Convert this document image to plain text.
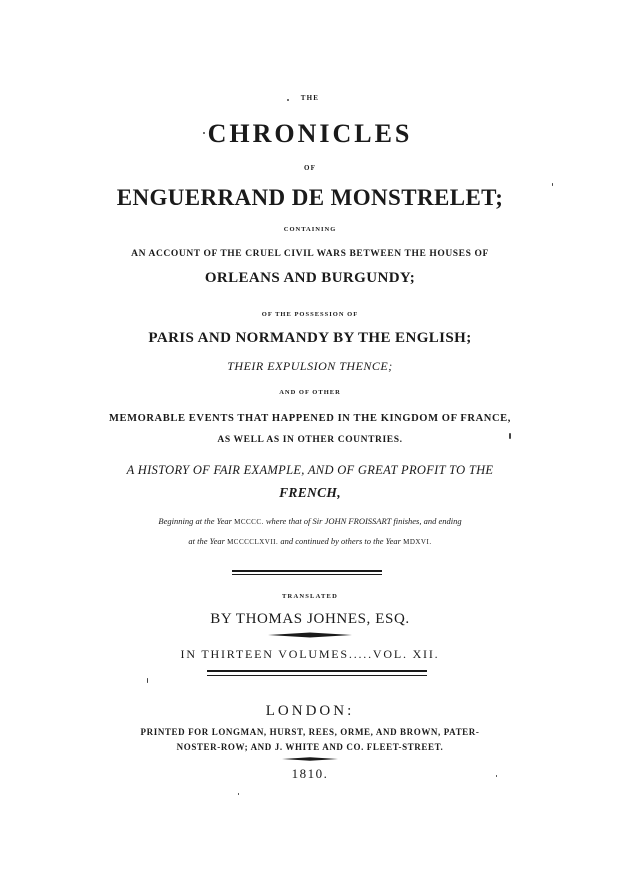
THE
CHRONICLES
OF
ENGUERRAND DE MONSTRELET;
CONTAINING
AN ACCOUNT OF THE CRUEL CIVIL WARS BETWEEN THE HOUSES OF
ORLEANS AND BURGUNDY;
OF THE POSSESSION OF
PARIS AND NORMANDY BY THE ENGLISH;
THEIR EXPULSION THENCE;
AND OF OTHER
MEMORABLE EVENTS THAT HAPPENED IN THE KINGDOM OF FRANCE,
AS WELL AS IN OTHER COUNTRIES.
A HISTORY OF FAIR EXAMPLE, AND OF GREAT PROFIT TO THE
FRENCH,
Beginning at the Year MCCCC. where that of Sir JOHN FROISSART finishes, and ending
at the Year MCCCCLXVII. and continued by others to the Year MDXVI.
TRANSLATED
BY THOMAS JOHNES, ESQ.
IN THIRTEEN VOLUMES.....VOL. XII.
LONDON:
PRINTED FOR LONGMAN, HURST, REES, ORME, AND BROWN, PATER-
NOSTER-ROW; AND J. WHITE AND CO. FLEET-STREET.
1810.
